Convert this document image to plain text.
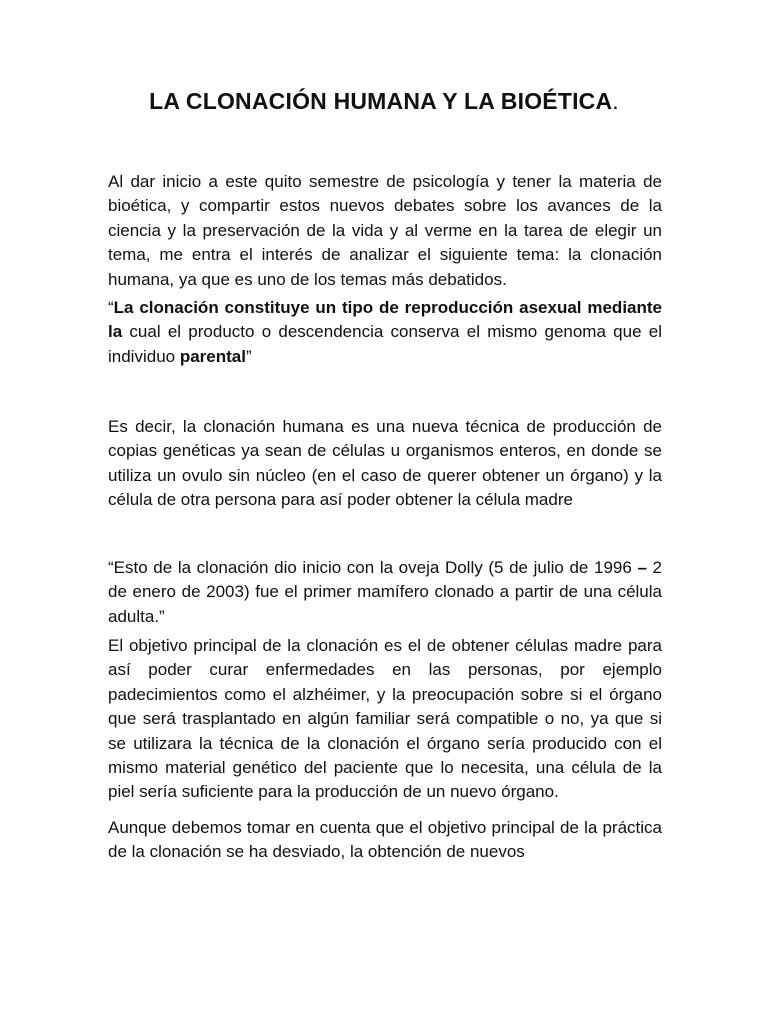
LA CLONACIÓN HUMANA Y LA BIOÉTICA.

Al dar inicio a este quito semestre de psicología y tener la materia de bioética, y compartir estos nuevos debates sobre los avances de la ciencia y la preservación de la vida y al verme en la tarea de elegir un tema, me entra el interés de analizar el siguiente tema: la clonación humana, ya que es uno de los temas más debatidos.

“La clonación constituye un tipo de reproducción asexual mediante la cual el producto o descendencia conserva el mismo genoma que el individuo parental”

Es decir, la clonación humana es una nueva técnica de producción de copias genéticas ya sean de células u organismos enteros, en donde se utiliza un ovulo sin núcleo (en el caso de querer obtener un órgano) y la célula de otra persona para así poder obtener la célula madre

“Esto de la clonación dio inicio con la oveja Dolly (5 de julio de 1996 – 2 de enero de 2003) fue el primer mamífero clonado a partir de una célula adulta.”

El objetivo principal de la clonación es el de obtener células madre para así poder curar enfermedades en las personas, por ejemplo padecimientos como el alzhéimer, y la preocupación sobre si el órgano que será trasplantado en algún familiar será compatible o no, ya que si se utilizara la técnica de la clonación el órgano sería producido con el mismo material genético del paciente que lo necesita, una célula de la piel sería suficiente para la producción de un nuevo órgano.

Aunque debemos tomar en cuenta que el objetivo principal de la práctica de la clonación se ha desviado, la obtención de nuevos
